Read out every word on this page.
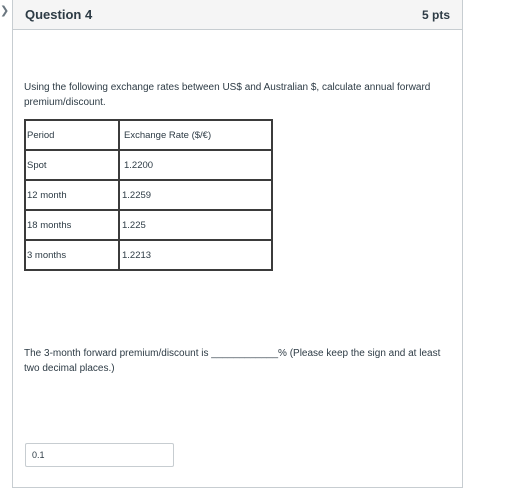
❯ Question 4	5 pts
Using the following exchange rates between US$ and Australian $, calculate annual forward premium/discount.
Period	Exchange Rate ($/€)
Spot	1.2200
12 month	1.2259
18 months	1.225
3 months	1.2213
The 3-month forward premium/discount is ____________% (Please keep the sign and at least two decimal places.)
0.1
